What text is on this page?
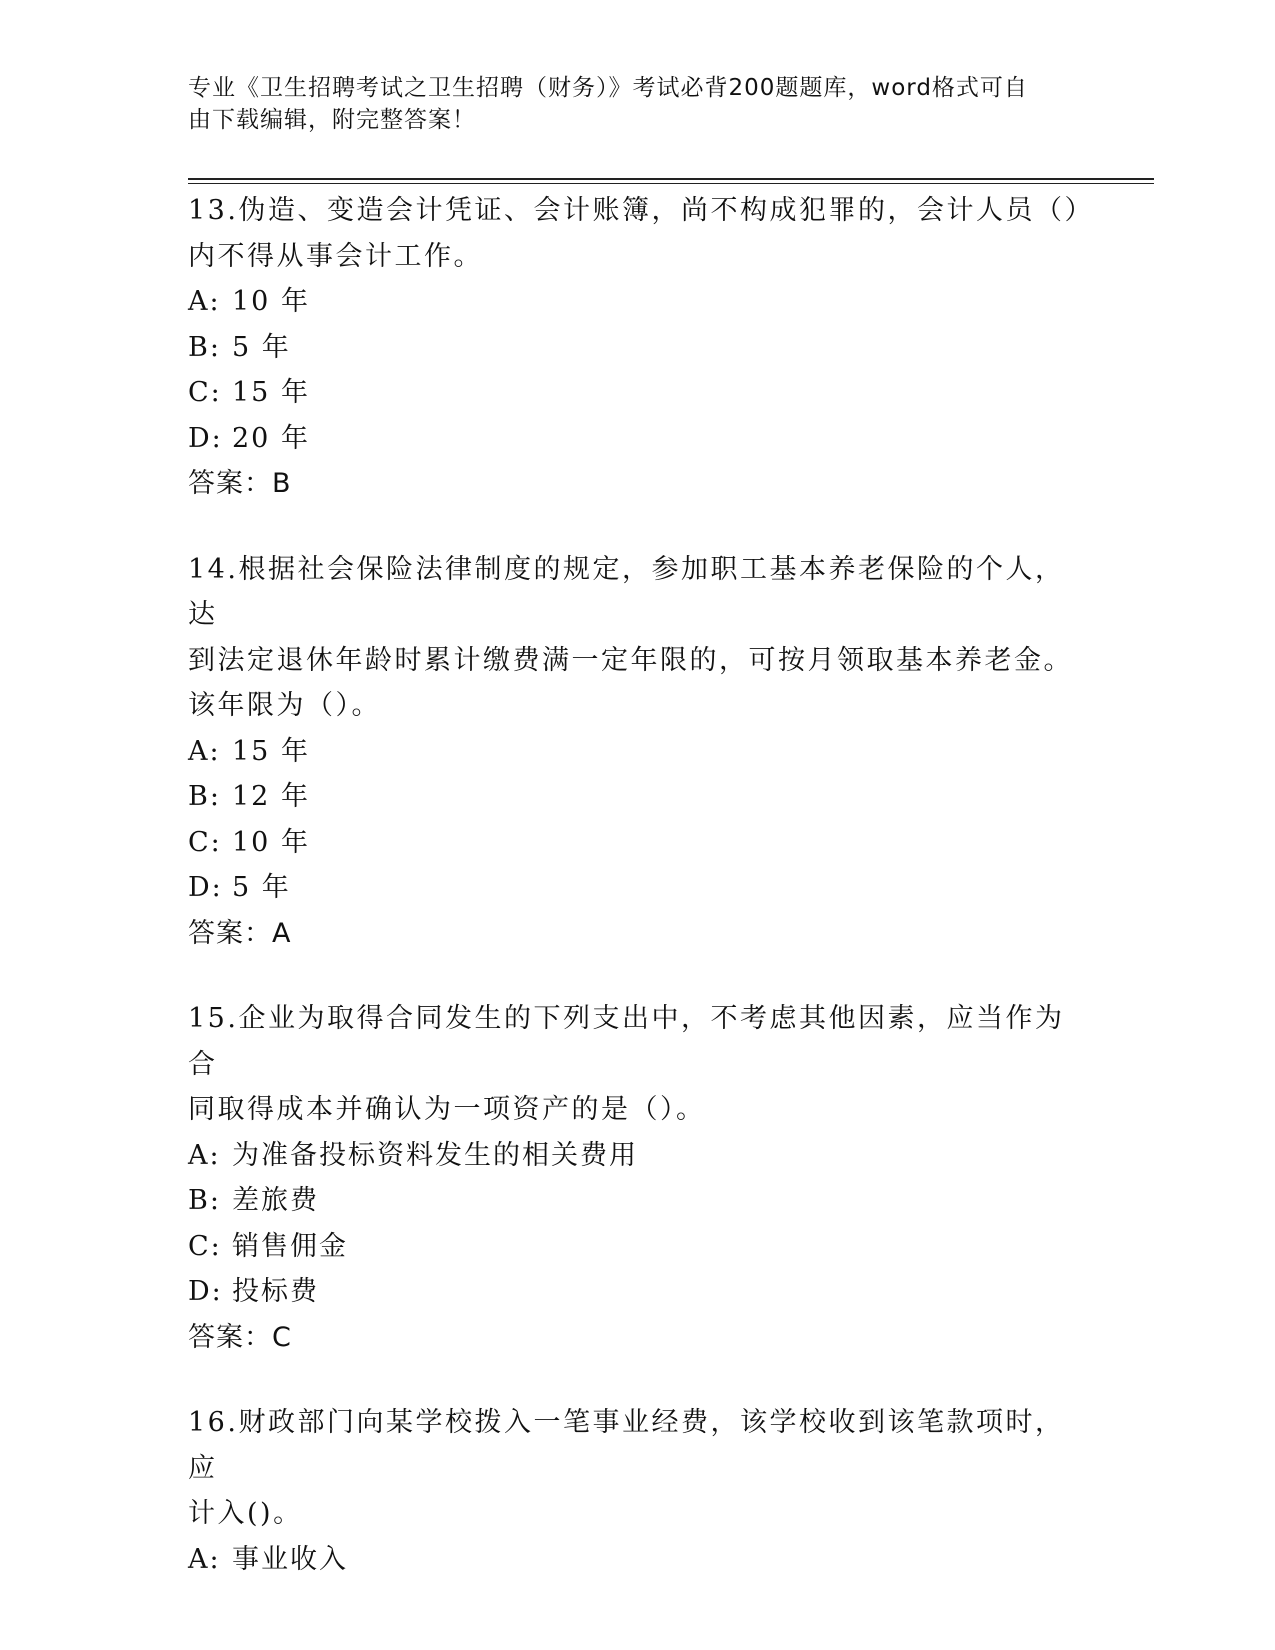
专业《卫生招聘考试之卫生招聘（财务）》考试必背200题题库，word格式可自
由下载编辑，附完整答案！

13.伪造、变造会计凭证、会计账簿，尚不构成犯罪的，会计人员（）

内不得从事会计工作。

A: 10 年

B: 5 年

C: 15 年

D: 20 年

答案：B

14.根据社会保险法律制度的规定，参加职工基本养老保险的个人，达

到法定退休年龄时累计缴费满一定年限的，可按月领取基本养老金。

该年限为（）。

A: 15 年

B: 12 年

C: 10 年

D: 5 年

答案：A

15.企业为取得合同发生的下列支出中，不考虑其他因素，应当作为合

同取得成本并确认为一项资产的是（）。

A: 为准备投标资料发生的相关费用

B: 差旅费

C: 销售佣金

D: 投标费

答案：C

16.财政部门向某学校拨入一笔事业经费，该学校收到该笔款项时，应

计入()。

A: 事业收入
